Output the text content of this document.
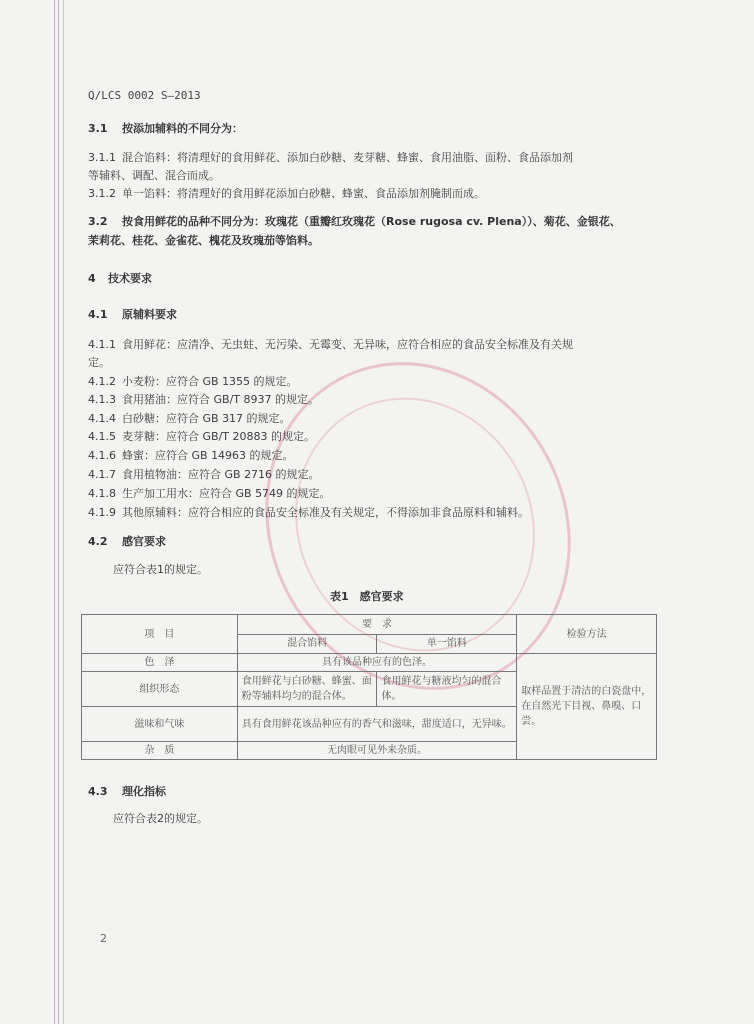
Q/LCS 0002 S—2013
3.1 按添加辅料的不同分为：
3.1.1 混合馅料：将清理好的食用鲜花、添加白砂糖、麦芽糖、蜂蜜、食用油脂、面粉、食品添加剂
等辅料、调配、混合而成。
3.1.2 单一馅料：将清理好的食用鲜花添加白砂糖、蜂蜜、食品添加剂腌制而成。
3.2 按食用鲜花的品种不同分为：玫瑰花（重瓣红玫瑰花（Rose rugosa cv. Plena））、菊花、金银花、
茉莉花、桂花、金雀花、槐花及玫瑰茄等馅料。
4 技术要求
4.1 原辅料要求
4.1.1 食用鲜花：应清净、无虫蛀、无污染、无霉变、无异味，应符合相应的食品安全标准及有关规
定。
4.1.2 小麦粉：应符合 GB 1355 的规定。
4.1.3 食用猪油：应符合 GB/T 8937 的规定。
4.1.4 白砂糖：应符合 GB 317 的规定。
4.1.5 麦芽糖：应符合 GB/T 20883 的规定。
4.1.6 蜂蜜：应符合 GB 14963 的规定。
4.1.7 食用植物油：应符合 GB 2716 的规定。
4.1.8 生产加工用水：应符合 GB 5749 的规定。
4.1.9 其他原辅料：应符合相应的食品安全标准及有关规定，不得添加非食品原料和辅料。
4.2 感官要求
应符合表1的规定。
表1　感官要求
项　目	要　求		检验方法
	混合馅料	单一馅料	
色　泽	具有该品种应有的色泽。		取样品置于清洁的白瓷盘中，在自然光下目视、鼻嗅、口尝。
组织形态	食用鲜花与白砂糖、蜂蜜、面粉等辅料均匀的混合体。	食用鲜花与糖液均匀的混合体。	
滋味和气味	具有食用鲜花该品种应有的香气和滋味，甜度适口，无异味。		
杂　质	无肉眼可见外来杂质。		
4.3 理化指标
应符合表2的规定。
2
